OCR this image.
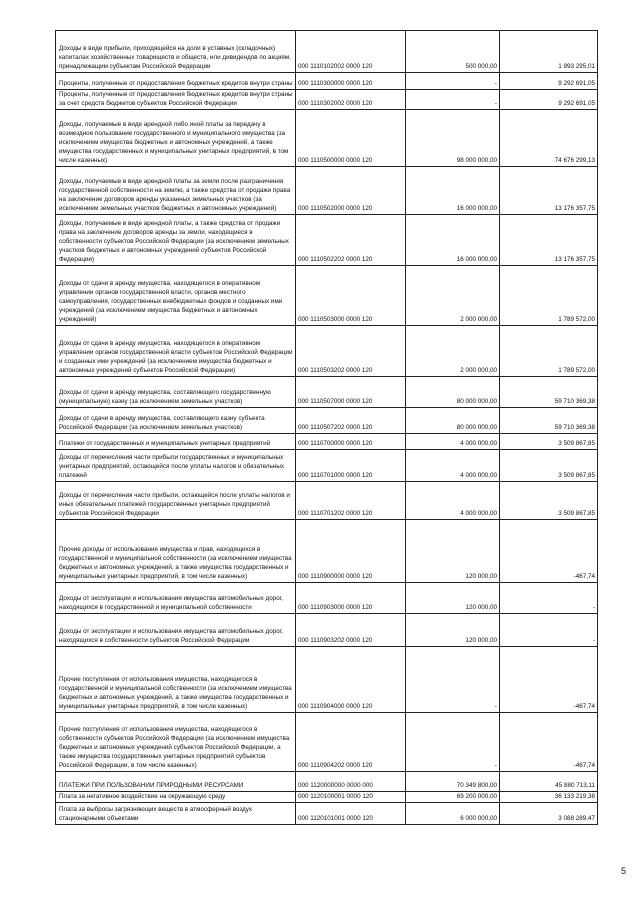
Доходы в виде прибыли, приходящейся на доли в уставных (складочных) капиталах хозяйственных товариществ и обществ, или дивидендов по акциям, принадлежащим субъектам Российской Федерации	000 1110102002 0000 120	500 000,00	1 993 295,01
Проценты, полученные от предоставления бюджетных кредитов внутри страны	000 1110300000 0000 120	-	9 292 691,05
Проценты, полученные от предоставления бюджетных кредитов внутри страны за счет средств бюджетов субъектов Российской Федерации	000 1110302002 0000 120	-	9 292 691,05
Доходы, получаемые в виде арендной либо иной платы за передачу в возмездное пользование государственного и муниципального имущества (за исключением имущества бюджетных и автономных учреждений, а также имущества государственных и муниципальных унитарных предприятий, в том числе казенных)	000 1110500000 0000 120	98 000 000,00	74 676 299,13
Доходы, получаемые в виде арендной платы за земли после разграничения государственной собственности на землю, а также средства от продажи права на заключение договоров аренды указанных земельных участков (за исключением земельных участков бюджетных и автономных учреждений)	000 1110502000 0000 120	16 000 000,00	13 176 357,75
Доходы, получаемые в виде арендной платы, а также средства от продажи права на заключение договоров аренды за земли, находящиеся в собственности субъектов Российской Федерации (за исключением земельных участков бюджетных и автономных учреждений субъектов Российской Федерации)	000 1110502202 0000 120	16 000 000,00	13 176 357,75
Доходы от сдачи в аренду имущества, находящегося в оперативном управлении органов государственной власти, органов местного самоуправления, государственных внебюджетных фондов и созданных ими учреждений (за исключением имущества бюджетных и автономных учреждений)	000 1110503000 0000 120	2 000 000,00	1 789 572,00
Доходы от сдачи в аренду имущества, находящегося в оперативном управлении органов государственной власти субъектов Российской Федерации и созданных ими учреждений (за исключением имущества бюджетных и автономных учреждений субъектов Российской Федерации)	000 1110503202 0000 120	2 000 000,00	1 789 572,00
Доходы от сдачи в аренду имущества, составляющего государственную (муниципальную) казну (за исключением земельных участков)	000 1110507000 0000 120	80 000 000,00	59 710 369,38
Доходы от сдачи в аренду имущества, составляющего казну субъекта Российской Федерации (за исключением земельных участков)	000 1110507202 0000 120	80 000 000,00	59 710 369,38
Платежи от государственных и муниципальных унитарных предприятий	000 1110700000 0000 120	4 000 000,00	3 509 867,85
Доходы от перечисления части прибыли государственных и муниципальных унитарных предприятий, остающейся после уплаты налогов и обязательных платежей	000 1110701000 0000 120	4 000 000,00	3 509 867,85
Доходы от перечисления части прибыли, остающейся после уплаты налогов и иных обязательных платежей государственных унитарных предприятий субъектов Российской Федерации	000 1110701202 0000 120	4 000 000,00	3 509 867,85
Прочие доходы от использования имущества и прав, находящихся в государственной и муниципальной собственности (за исключением имущества бюджетных и автономных учреждений, а также имущества государственных и муниципальных унитарных предприятий, в том числе казенных)	000 1110900000 0000 120	120 000,00	-467,74
Доходы от эксплуатации и использования имущества автомобильных дорог, находящихся в государственной и муниципальной собственности	000 1110903000 0000 120	120 000,00	-
Доходы от эксплуатации и использования имущества автомобильных дорог, находящихся в собственности субъектов Российской Федерации	000 1110903202 0000 120	120 000,00	-
Прочие поступления от использования имущества, находящегося в государственной и муниципальной собственности (за исключением имущества бюджетных и автономных учреждений, а также имущества государственных и муниципальных унитарных предприятий, в том числе казенных)	000 1110904000 0000 120	-	-467,74
Прочие поступления от использования имущества, находящегося в собственности субъектов Российской Федерации (за исключением имущества бюджетных и автономных учреждений субъектов Российской Федерации, а также имущества государственных унитарных предприятий субъектов Российской Федерации, в том числе казенных)	000 1110904202 0000 120	-	-467,74
ПЛАТЕЖИ ПРИ ПОЛЬЗОВАНИИ ПРИРОДНЫМИ РЕСУРСАМИ	000 1120000000 0000 000	70 349 800,00	45 880 713,11
Плата за негативное воздействие на окружающую среду	000 1120100001 0000 120	69 200 000,00	36 133 219,38
Плата за выбросы загрязняющих веществ в атмосферный воздух стационарными объектами	000 1120101001 0000 120	6 000 000,00	3 088 289,47
5
